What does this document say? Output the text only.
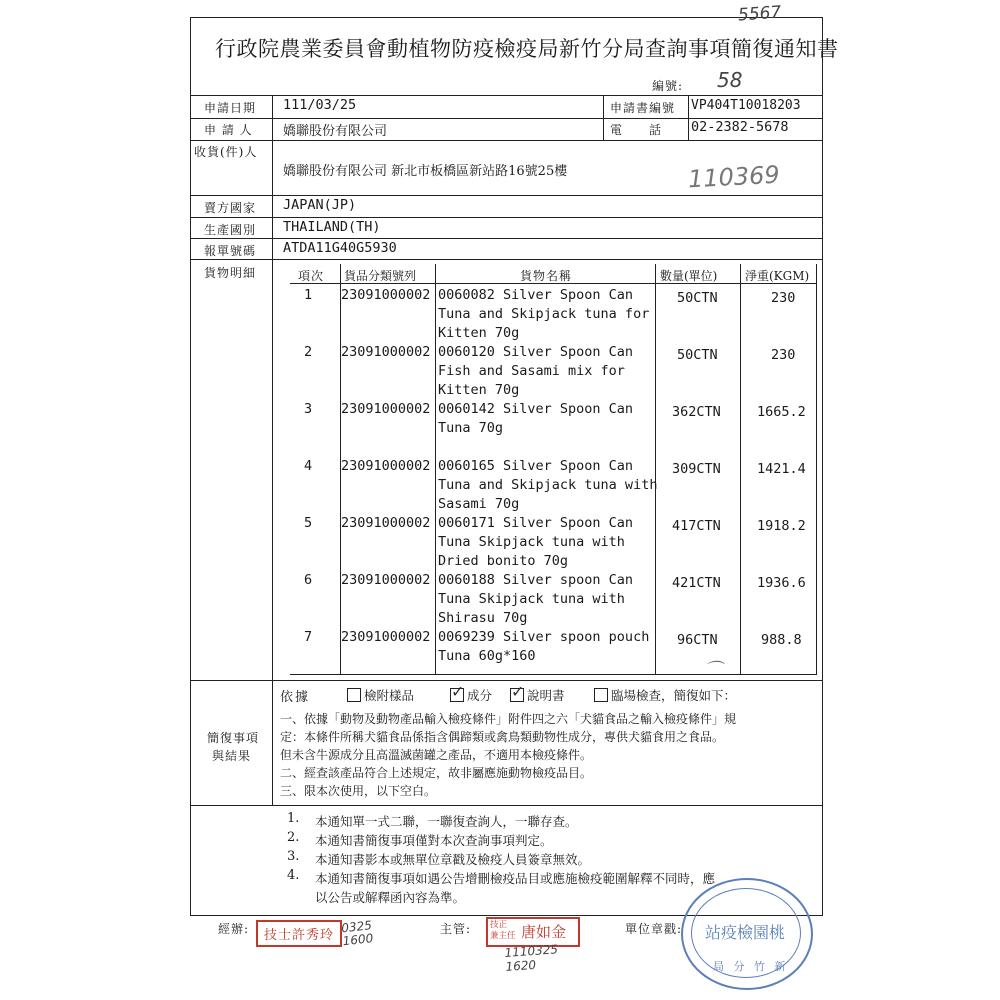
5567
行政院農業委員會動植物防疫檢疫局新竹分局查詢事項簡復通知書
編號: 58
申請日期 111/03/25	申請書編號 VP404T10018203
申 請 人 嬌聯股份有限公司	電　　話 02-2382-5678
收貨(件)人
嬌聯股份有限公司 新北市板橋區新站路16號25樓	110369
賣方國家 JAPAN(JP)
生產國別 THAILAND(TH)
報單號碼 ATDA11G40G5930
貨物明細	項次 貨品分類號列	貨物名稱	數量(單位) 淨重(KGM)
1 23091000002 0060082 Silver Spoon Can
Tuna and Skipjack tuna for
Kitten 70g
50CTN	230
2 23091000002 0060120 Silver Spoon Can
Fish and Sasami mix for
Kitten 70g
50CTN	230
3 23091000002 0060142 Silver Spoon Can
Tuna 70g
362CTN	1665.2
4 23091000002 0060165 Silver Spoon Can
Tuna and Skipjack tuna with
Sasami 70g
309CTN	1421.4
5 23091000002 0060171 Silver Spoon Can
Tuna Skipjack tuna with
Dried bonito 70g
417CTN	1918.2
6 23091000002 0060188 Silver spoon Can
Tuna Skipjack tuna with
Shirasu 70g
421CTN	1936.6
7 23091000002 0069239 Silver spoon pouch
Tuna 60g*160
96CTN	988.8
⌒
簡復事項
與結果
依據	檢附樣品 ✓	成分 ✓	說明書	臨場檢查，簡復如下：
一、依據「動物及動物產品輸入檢疫條件」附件四之六「犬貓食品之輸入檢疫條件」規
定：本條件所稱犬貓食品係指含偶蹄類或禽鳥類動物性成分，專供犬貓食用之食品。
但未含牛源成分且高溫滅菌罐之產品，不適用本檢疫條件。
二、經查該產品符合上述規定，故非屬應施動物檢疫品目。
三、限本次使用，以下空白。
1. 本通知單一式二聯，一聯復查詢人，一聯存查。
2. 本通知書簡復事項僅對本次查詢事項判定。
3. 本通知書影本或無單位章戳及檢疫人員簽章無效。
4. 本通知書簡復事項如遇公告增刪檢疫品目或應施檢疫範圍解釋不同時，應
以公告或解釋函內容為準。
經辦:	技士許秀玲
0325 1600
主管: 技正 兼主任 唐如金
1110325 1620
單位章戳: 站疫檢園桃
局 分 竹 新
